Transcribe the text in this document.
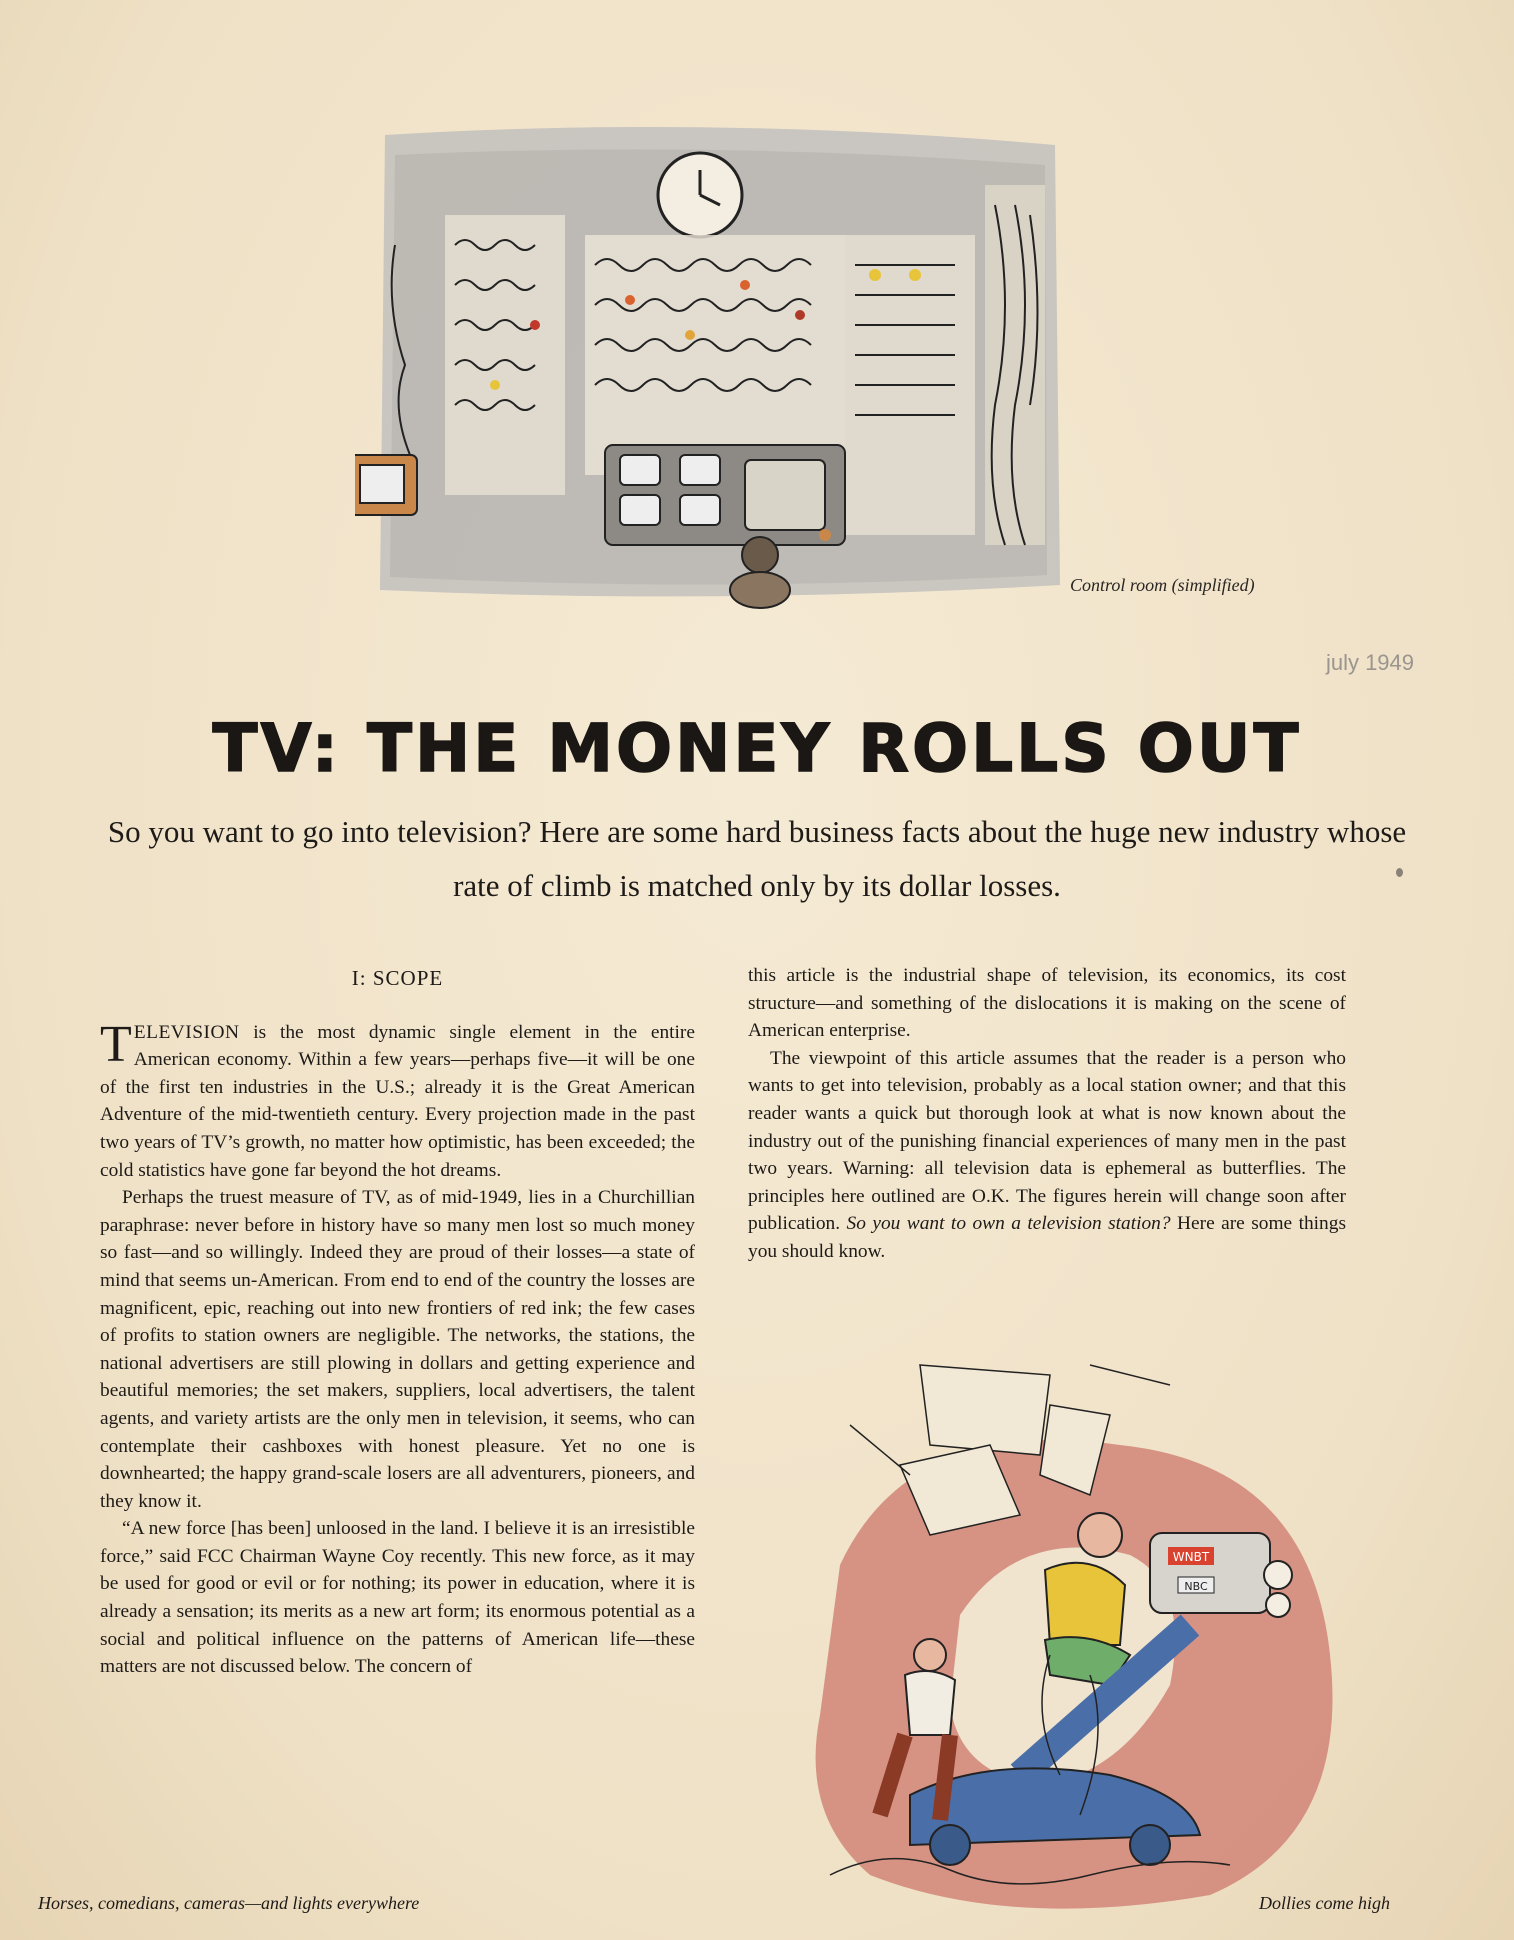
Control room (simplified)
july 1949
TV: THE MONEY ROLLS OUT
So you want to go into television? Here are some hard business facts about the huge new industry whose rate of climb is matched only by its dollar losses.
I: SCOPE

TELEVISION is the most dynamic single element in the entire American economy. Within a few years—perhaps five—it will be one of the first ten industries in the U.S.; already it is the Great American Adventure of the mid-twentieth century. Every projection made in the past two years of TV’s growth, no matter how optimistic, has been exceeded; the cold statistics have gone far beyond the hot dreams.

Perhaps the truest measure of TV, as of mid-1949, lies in a Churchillian paraphrase: never before in history have so many men lost so much money so fast—and so willingly. Indeed they are proud of their losses—a state of mind that seems un-American. From end to end of the country the losses are magnificent, epic, reaching out into new frontiers of red ink; the few cases of profits to station owners are negligible. The networks, the stations, the national advertisers are still plowing in dollars and getting experience and beautiful memories; the set makers, suppliers, local advertisers, the talent agents, and variety artists are the only men in television, it seems, who can contemplate their cashboxes with honest pleasure. Yet no one is downhearted; the happy grand-scale losers are all adventurers, pioneers, and they know it.

“A new force [has been] unloosed in the land. I believe it is an irresistible force,” said FCC Chairman Wayne Coy recently. This new force, as it may be used for good or evil or for nothing; its power in education, where it is already a sensation; its merits as a new art form; its enormous potential as a social and political influence on the patterns of American life—these matters are not discussed below. The concern of

this article is the industrial shape of television, its economics, its cost structure—and something of the dislocations it is making on the scene of American enterprise.

The viewpoint of this article assumes that the reader is a person who wants to get into television, probably as a local station owner; and that this reader wants a quick but thorough look at what is now known about the industry out of the punishing financial experiences of many men in the past two years. Warning: all television data is ephemeral as butterflies. The principles here outlined are O.K. The figures herein will change soon after publication. So you want to own a television station? Here are some things you should know.

WNBT
NBC
Horses, comedians, cameras—and lights everywhere	Dollies come high
